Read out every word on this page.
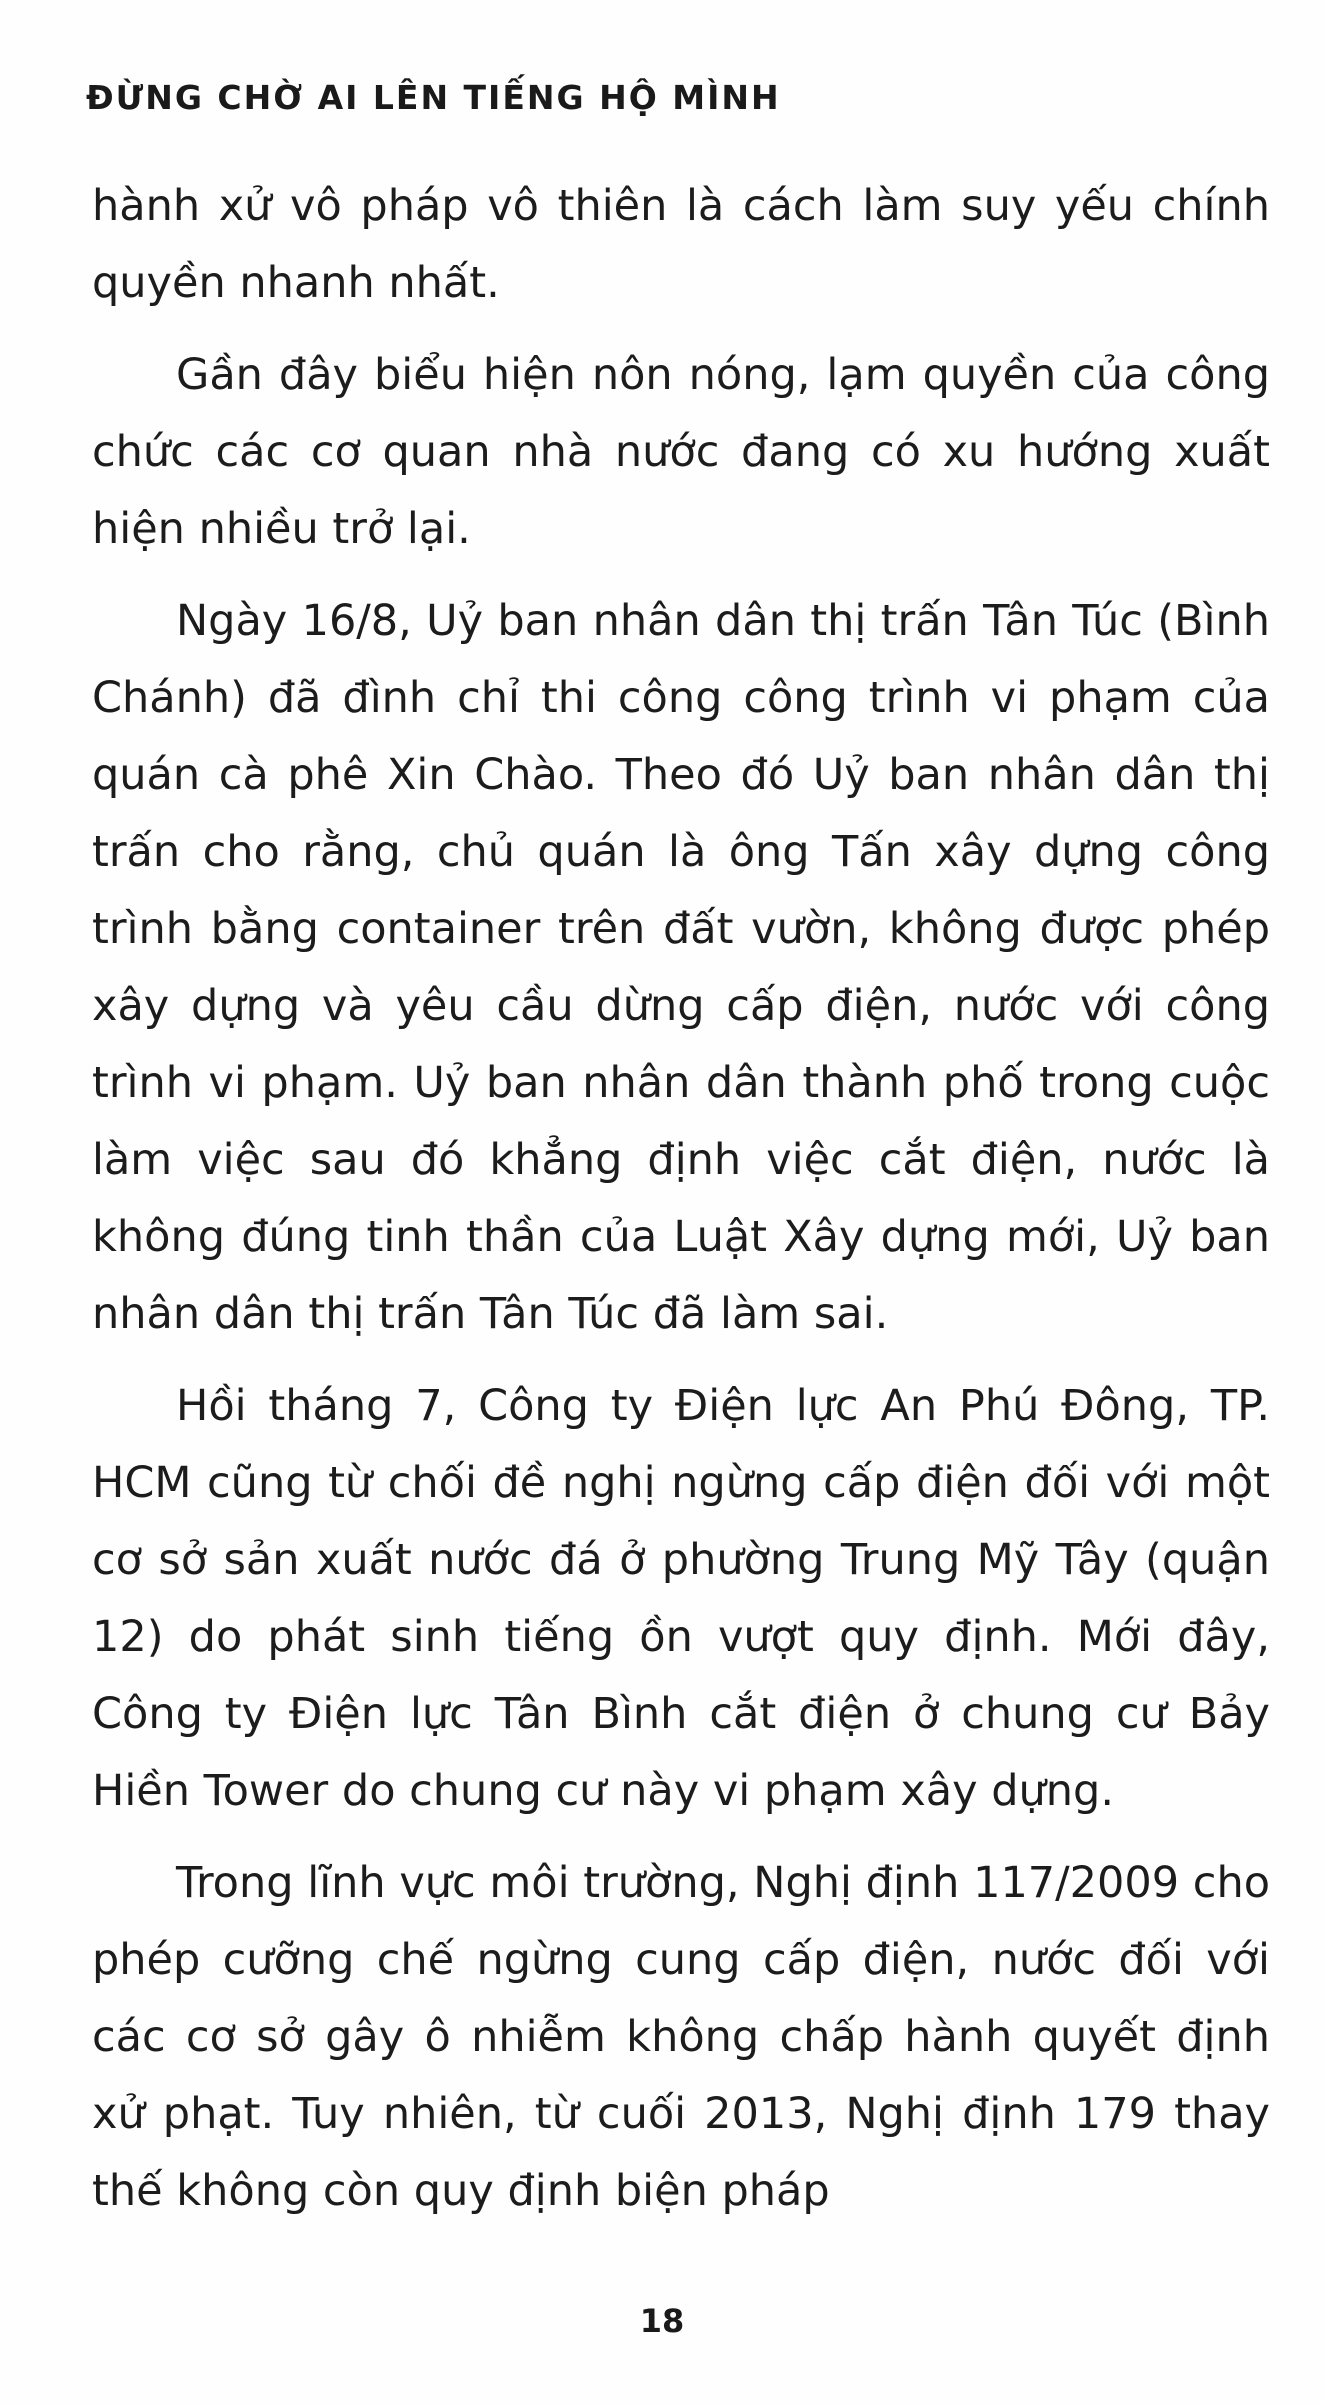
ĐỪNG CHỜ AI LÊN TIẾNG HỘ MÌNH

hành xử vô pháp vô thiên là cách làm suy yếu chính quyền nhanh nhất.

Gần đây biểu hiện nôn nóng, lạm quyền của công chức các cơ quan nhà nước đang có xu hướng xuất hiện nhiều trở lại.

Ngày 16/8, Uỷ ban nhân dân thị trấn Tân Túc (Bình Chánh) đã đình chỉ thi công công trình vi phạm của quán cà phê Xin Chào. Theo đó Uỷ ban nhân dân thị trấn cho rằng, chủ quán là ông Tấn xây dựng công trình bằng container trên đất vườn, không được phép xây dựng và yêu cầu dừng cấp điện, nước với công trình vi phạm. Uỷ ban nhân dân thành phố trong cuộc làm việc sau đó khẳng định việc cắt điện, nước là không đúng tinh thần của Luật Xây dựng mới, Uỷ ban nhân dân thị trấn Tân Túc đã làm sai.

Hồi tháng 7, Công ty Điện lực An Phú Đông, TP. HCM cũng từ chối đề nghị ngừng cấp điện đối với một cơ sở sản xuất nước đá ở phường Trung Mỹ Tây (quận 12) do phát sinh tiếng ồn vượt quy định. Mới đây, Công ty Điện lực Tân Bình cắt điện ở chung cư Bảy Hiền Tower do chung cư này vi phạm xây dựng.

Trong lĩnh vực môi trường, Nghị định 117/2009 cho phép cưỡng chế ngừng cung cấp điện, nước đối với các cơ sở gây ô nhiễm không chấp hành quyết định xử phạt. Tuy nhiên, từ cuối 2013, Nghị định 179 thay thế không còn quy định biện pháp

18
